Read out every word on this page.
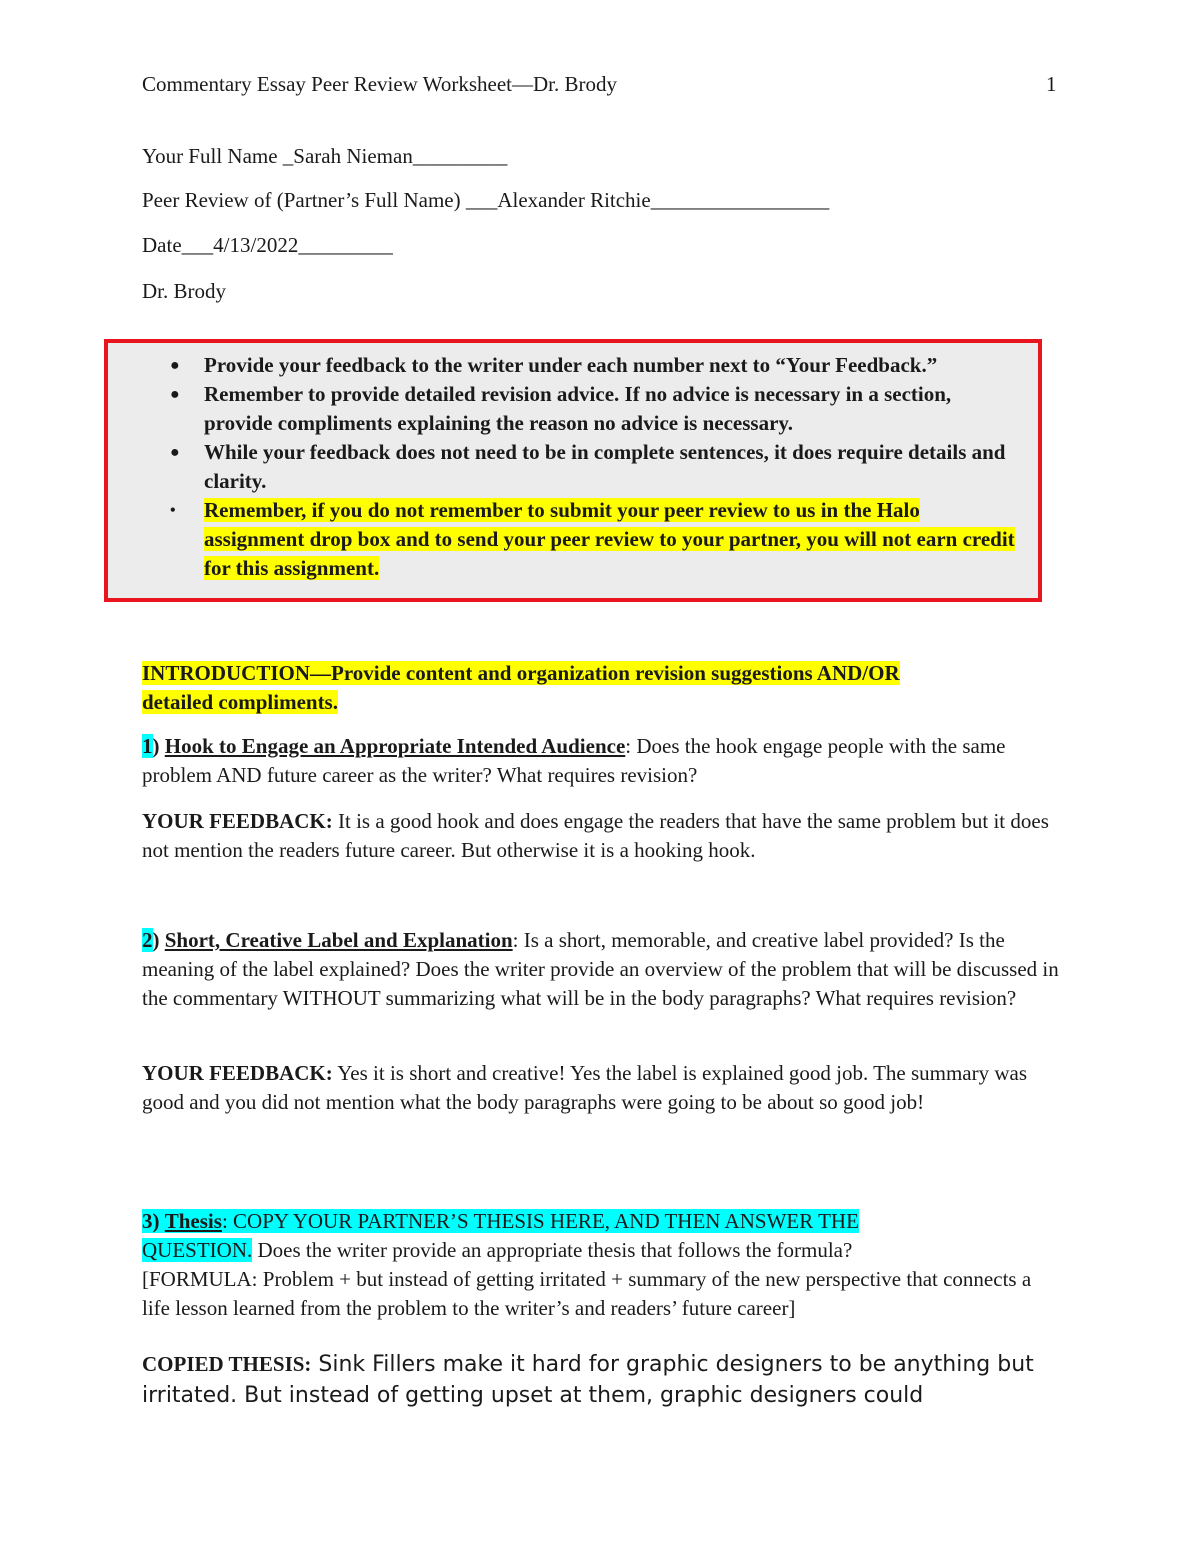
Commentary Essay Peer Review Worksheet—Dr. Brody	1
Your Full Name _Sarah Nieman_________
Peer Review of (Partner’s Full Name) ___Alexander Ritchie_________________
Date___4/13/2022_________
Dr. Brody
● Provide your feedback to the writer under each number next to “Your Feedback.”
● Remember to provide detailed revision advice. If no advice is necessary in a section, provide compliments explaining the reason no advice is necessary.
● While your feedback does not need to be in complete sentences, it does require details and clarity.
• Remember, if you do not remember to submit your peer review to us in the Halo assignment drop box and to send your peer review to your partner, you will not earn credit for this assignment.
INTRODUCTION—Provide content and organization revision suggestions AND/OR
detailed compliments.
1) Hook to Engage an Appropriate Intended Audience: Does the hook engage people with the same problem AND future career as the writer? What requires revision?
YOUR FEEDBACK: It is a good hook and does engage the readers that have the same problem but it does not mention the readers future career. But otherwise it is a hooking hook.
2) Short, Creative Label and Explanation: Is a short, memorable, and creative label provided? Is the meaning of the label explained? Does the writer provide an overview of the problem that will be discussed in the commentary WITHOUT summarizing what will be in the body paragraphs? What requires revision?
YOUR FEEDBACK: Yes it is short and creative! Yes the label is explained good job. The summary was good and you did not mention what the body paragraphs were going to be about so good job!
3) Thesis: COPY YOUR PARTNER’S THESIS HERE, AND THEN ANSWER THE
QUESTION. Does the writer provide an appropriate thesis that follows the formula?
[FORMULA: Problem + but instead of getting irritated + summary of the new perspective that connects a life lesson learned from the problem to the writer’s and readers’ future career]
COPIED THESIS: Sink Fillers make it hard for graphic designers to be anything but irritated. But instead of getting upset at them, graphic designers could
